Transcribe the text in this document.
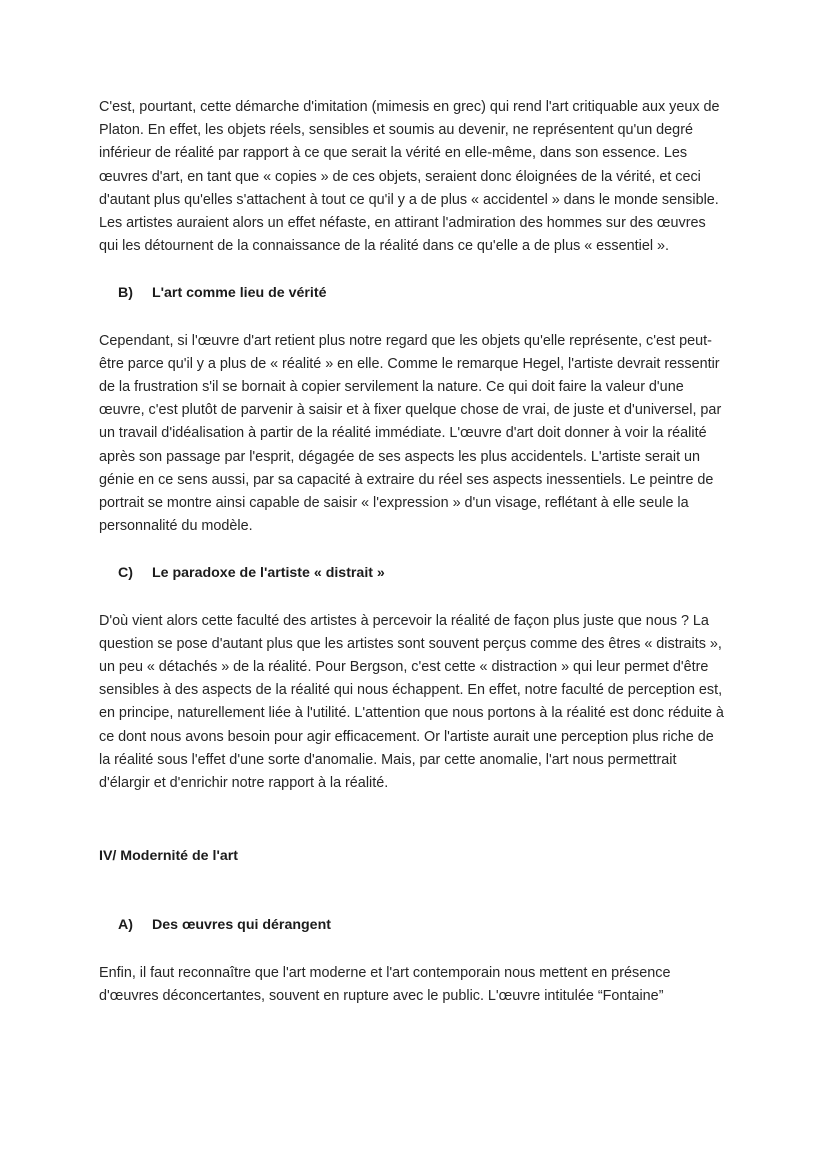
C'est, pourtant, cette démarche d'imitation (mimesis en grec) qui rend l'art critiquable aux yeux de Platon. En effet, les objets réels, sensibles et soumis au devenir, ne représentent qu'un degré inférieur de réalité par rapport à ce que serait la vérité en elle-même, dans son essence. Les œuvres d'art, en tant que « copies » de ces objets, seraient donc éloignées de la vérité, et ceci d'autant plus qu'elles s'attachent à tout ce qu'il y a de plus « accidentel » dans le monde sensible. Les artistes auraient alors un effet néfaste, en attirant l'admiration des hommes sur des œuvres qui les détournent de la connaissance de la réalité dans ce qu'elle a de plus « essentiel ».

B)	L'art comme lieu de vérité

Cependant, si l'œuvre d'art retient plus notre regard que les objets qu'elle représente, c'est peut-être parce qu'il y a plus de « réalité » en elle. Comme le remarque Hegel, l'artiste devrait ressentir de la frustration s'il se bornait à copier servilement la nature. Ce qui doit faire la valeur d'une œuvre, c'est plutôt de parvenir à saisir et à fixer quelque chose de vrai, de juste et d'universel, par un travail d'idéalisation à partir de la réalité immédiate. L'œuvre d'art doit donner à voir la réalité après son passage par l'esprit, dégagée de ses aspects les plus accidentels. L'artiste serait un génie en ce sens aussi, par sa capacité à extraire du réel ses aspects inessentiels. Le peintre de portrait se montre ainsi capable de saisir « l'expression » d'un visage, reflétant à elle seule la personnalité du modèle.

C)	Le paradoxe de l'artiste « distrait »

D'où vient alors cette faculté des artistes à percevoir la réalité de façon plus juste que nous ? La question se pose d'autant plus que les artistes sont souvent perçus comme des êtres « distraits », un peu « détachés » de la réalité. Pour Bergson, c'est cette « distraction » qui leur permet d'être sensibles à des aspects de la réalité qui nous échappent. En effet, notre faculté de perception est, en principe, naturellement liée à l'utilité. L'attention que nous portons à la réalité est donc réduite à ce dont nous avons besoin pour agir efficacement. Or l'artiste aurait une perception plus riche de la réalité sous l'effet d'une sorte d'anomalie. Mais, par cette anomalie, l'art nous permettrait d'élargir et d'enrichir notre rapport à la réalité.

IV/ Modernité de l'art
A)	Des œuvres qui dérangent

Enfin, il faut reconnaître que l'art moderne et l'art contemporain nous mettent en présence d'œuvres déconcertantes, souvent en rupture avec le public. L'œuvre intitulée “Fontaine”
